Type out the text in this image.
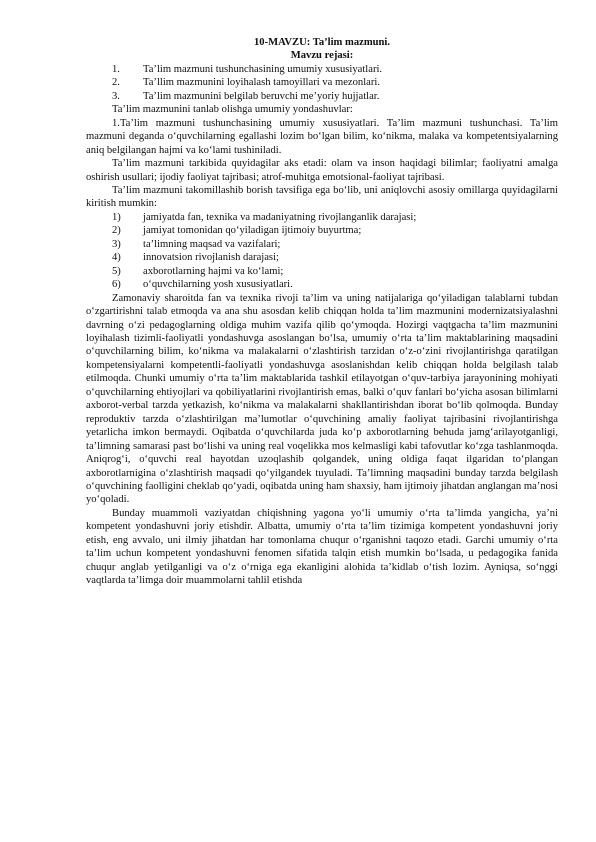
10-MAVZU: Ta’lim mazmuni.

Mavzu rejasi:

1.	Ta’lim mazmuni tushunchasining umumiy xususiyatlari.
2.	Ta’llim mazmunini loyihalash tamoyillari va mezonlari.
3.	Ta’lim mazmunini belgilab beruvchi me’yoriy hujjatlar.

Ta’lim mazmunini tanlab olishga umumiy yondashuvlar:

1.Ta’lim mazmuni tushunchasining umumiy xususiyatlari. Ta’lim mazmuni tushunchasi. Ta’lim mazmuni deganda o‘quvchilarning egallashi lozim bo‘lgan bilim, ko‘nikma, malaka va kompetentsiyalarning aniq belgilangan hajmi va ko‘lami tushiniladi.

Ta’lim mazmuni tarkibida quyidagilar aks etadi: olam va inson haqidagi bilimlar; faoliyatni amalga oshirish usullari; ijodiy faoliyat tajribasi; atrof-muhitga emotsional-faoliyat tajribasi.

Ta’lim mazmuni takomillashib borish tavsifiga ega bo‘lib, uni aniqlovchi asosiy omillarga quyidagilarni kiritish mumkin:

1)	jamiyatda fan, texnika va madaniyatning rivojlanganlik darajasi;
2)	jamiyat tomonidan qo‘yiladigan ijtimoiy buyurtma;
3)	ta’limning maqsad va vazifalari;
4)	innovatsion rivojlanish darajasi;
5)	axborotlarning hajmi va ko‘lami;
6)	o‘quvchilarning yosh xususiyatlari.

Zamonaviy sharoitda fan va texnika rivoji ta’lim va uning natijalariga qo‘yiladigan talablarni tubdan o‘zgartirishni talab etmoqda va ana shu asosdan kelib chiqqan holda ta’lim mazmunini modernizatsiyalashni davrning o‘zi pedagoglarning oldiga muhim vazifa qilib qo‘ymoqda. Hozirgi vaqtgacha ta’lim mazmunini loyihalash tizimli-faoliyatli yondashuvga asoslangan bo‘lsa, umumiy o‘rta ta’lim maktablarining maqsadini o‘quvchilarning bilim, ko‘nikma va malakalarni o‘zlashtirish tarzidan o‘z-o‘zini rivojlantirishga qaratilgan kompetensiyalarni kompetentli-faoliyatli yondashuvga asoslanishdan kelib chiqqan holda belgilash talab etilmoqda. Chunki umumiy o‘rta ta’lim maktablarida tashkil etilayotgan o‘quv-tarbiya jarayonining mohiyati o‘quvchilarning ehtiyojlari va qobiliyatlarini rivojlantirish emas, balki o‘quv fanlari bo‘yicha asosan bilimlarni axborot-verbal tarzda yetkazish, ko‘nikma va malakalarni shakllantirishdan iborat bo‘lib qolmoqda. Bunday reproduktiv tarzda o‘zlashtirilgan ma’lumotlar o‘quvchining amaliy faoliyat tajribasini rivojlantirishga yetarlicha imkon bermaydi. Oqibatda o‘quvchilarda juda ko‘p axborotlarning behuda jamg‘arilayotganligi, ta’limning samarasi past bo‘lishi va uning real voqelikka mos kelmasligi kabi tafovutlar ko‘zga tashlanmoqda. Aniqrog‘i, o‘quvchi real hayotdan uzoqlashib qolgandek, uning oldiga faqat ilgaridan to‘plangan axborotlarnigina o‘zlashtirish maqsadi qo‘yilgandek tuyuladi. Ta’limning maqsadini bunday tarzda belgilash o‘quvchining faolligini cheklab qo‘yadi, oqibatda uning ham shaxsiy, ham ijtimoiy jihatdan anglangan ma’nosi yo‘qoladi.

Bunday muammoli vaziyatdan chiqishning yagona yo‘li umumiy o‘rta ta’limda yangicha, ya’ni kompetent yondashuvni joriy etishdir. Albatta, umumiy o‘rta ta’lim tizimiga kompetent yondashuvni joriy etish, eng avvalo, uni ilmiy jihatdan har tomonlama chuqur o‘rganishni taqozo etadi. Garchi umumiy o‘rta ta’lim uchun kompetent yondashuvni fenomen sifatida talqin etish mumkin bo‘lsada, u pedagogika fanida chuqur anglab yetilganligi va o‘z o‘rniga ega ekanligini alohida ta’kidlab o‘tish lozim. Ayniqsa, so‘nggi vaqtlarda ta’limga doir muammolarni tahlil etishda
